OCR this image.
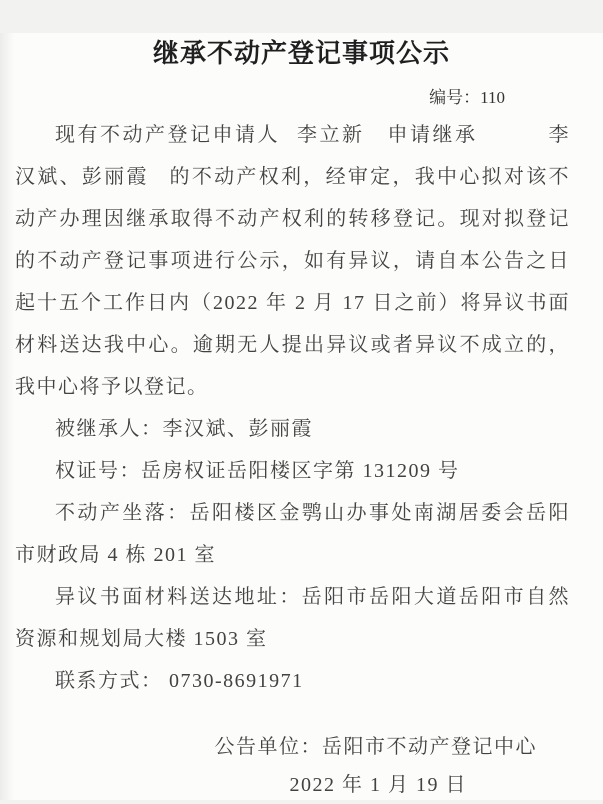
继承不动产登记事项公示
编号：110

现有不动产登记申请人 李立新 申请继承	李汉斌、彭丽霞 的不动产权利，经审定，我中心拟对该不动产办理因继承取得不动产权利的转移登记。现对拟登记的不动产登记事项进行公示，如有异议，请自本公告之日起十五个工作日内（2022 年 2 月 17 日之前）将异议书面材料送达我中心。逾期无人提出异议或者异议不成立的，我中心将予以登记。

被继承人：李汉斌、彭丽霞

权证号：岳房权证岳阳楼区字第 131209 号

不动产坐落：岳阳楼区金鹗山办事处南湖居委会岳阳市财政局 4 栋 201 室

异议书面材料送达地址：岳阳市岳阳大道岳阳市自然资源和规划局大楼 1503 室

联系方式： 0730-8691971

公告单位：岳阳市不动产登记中心

2022 年 1 月 19 日
